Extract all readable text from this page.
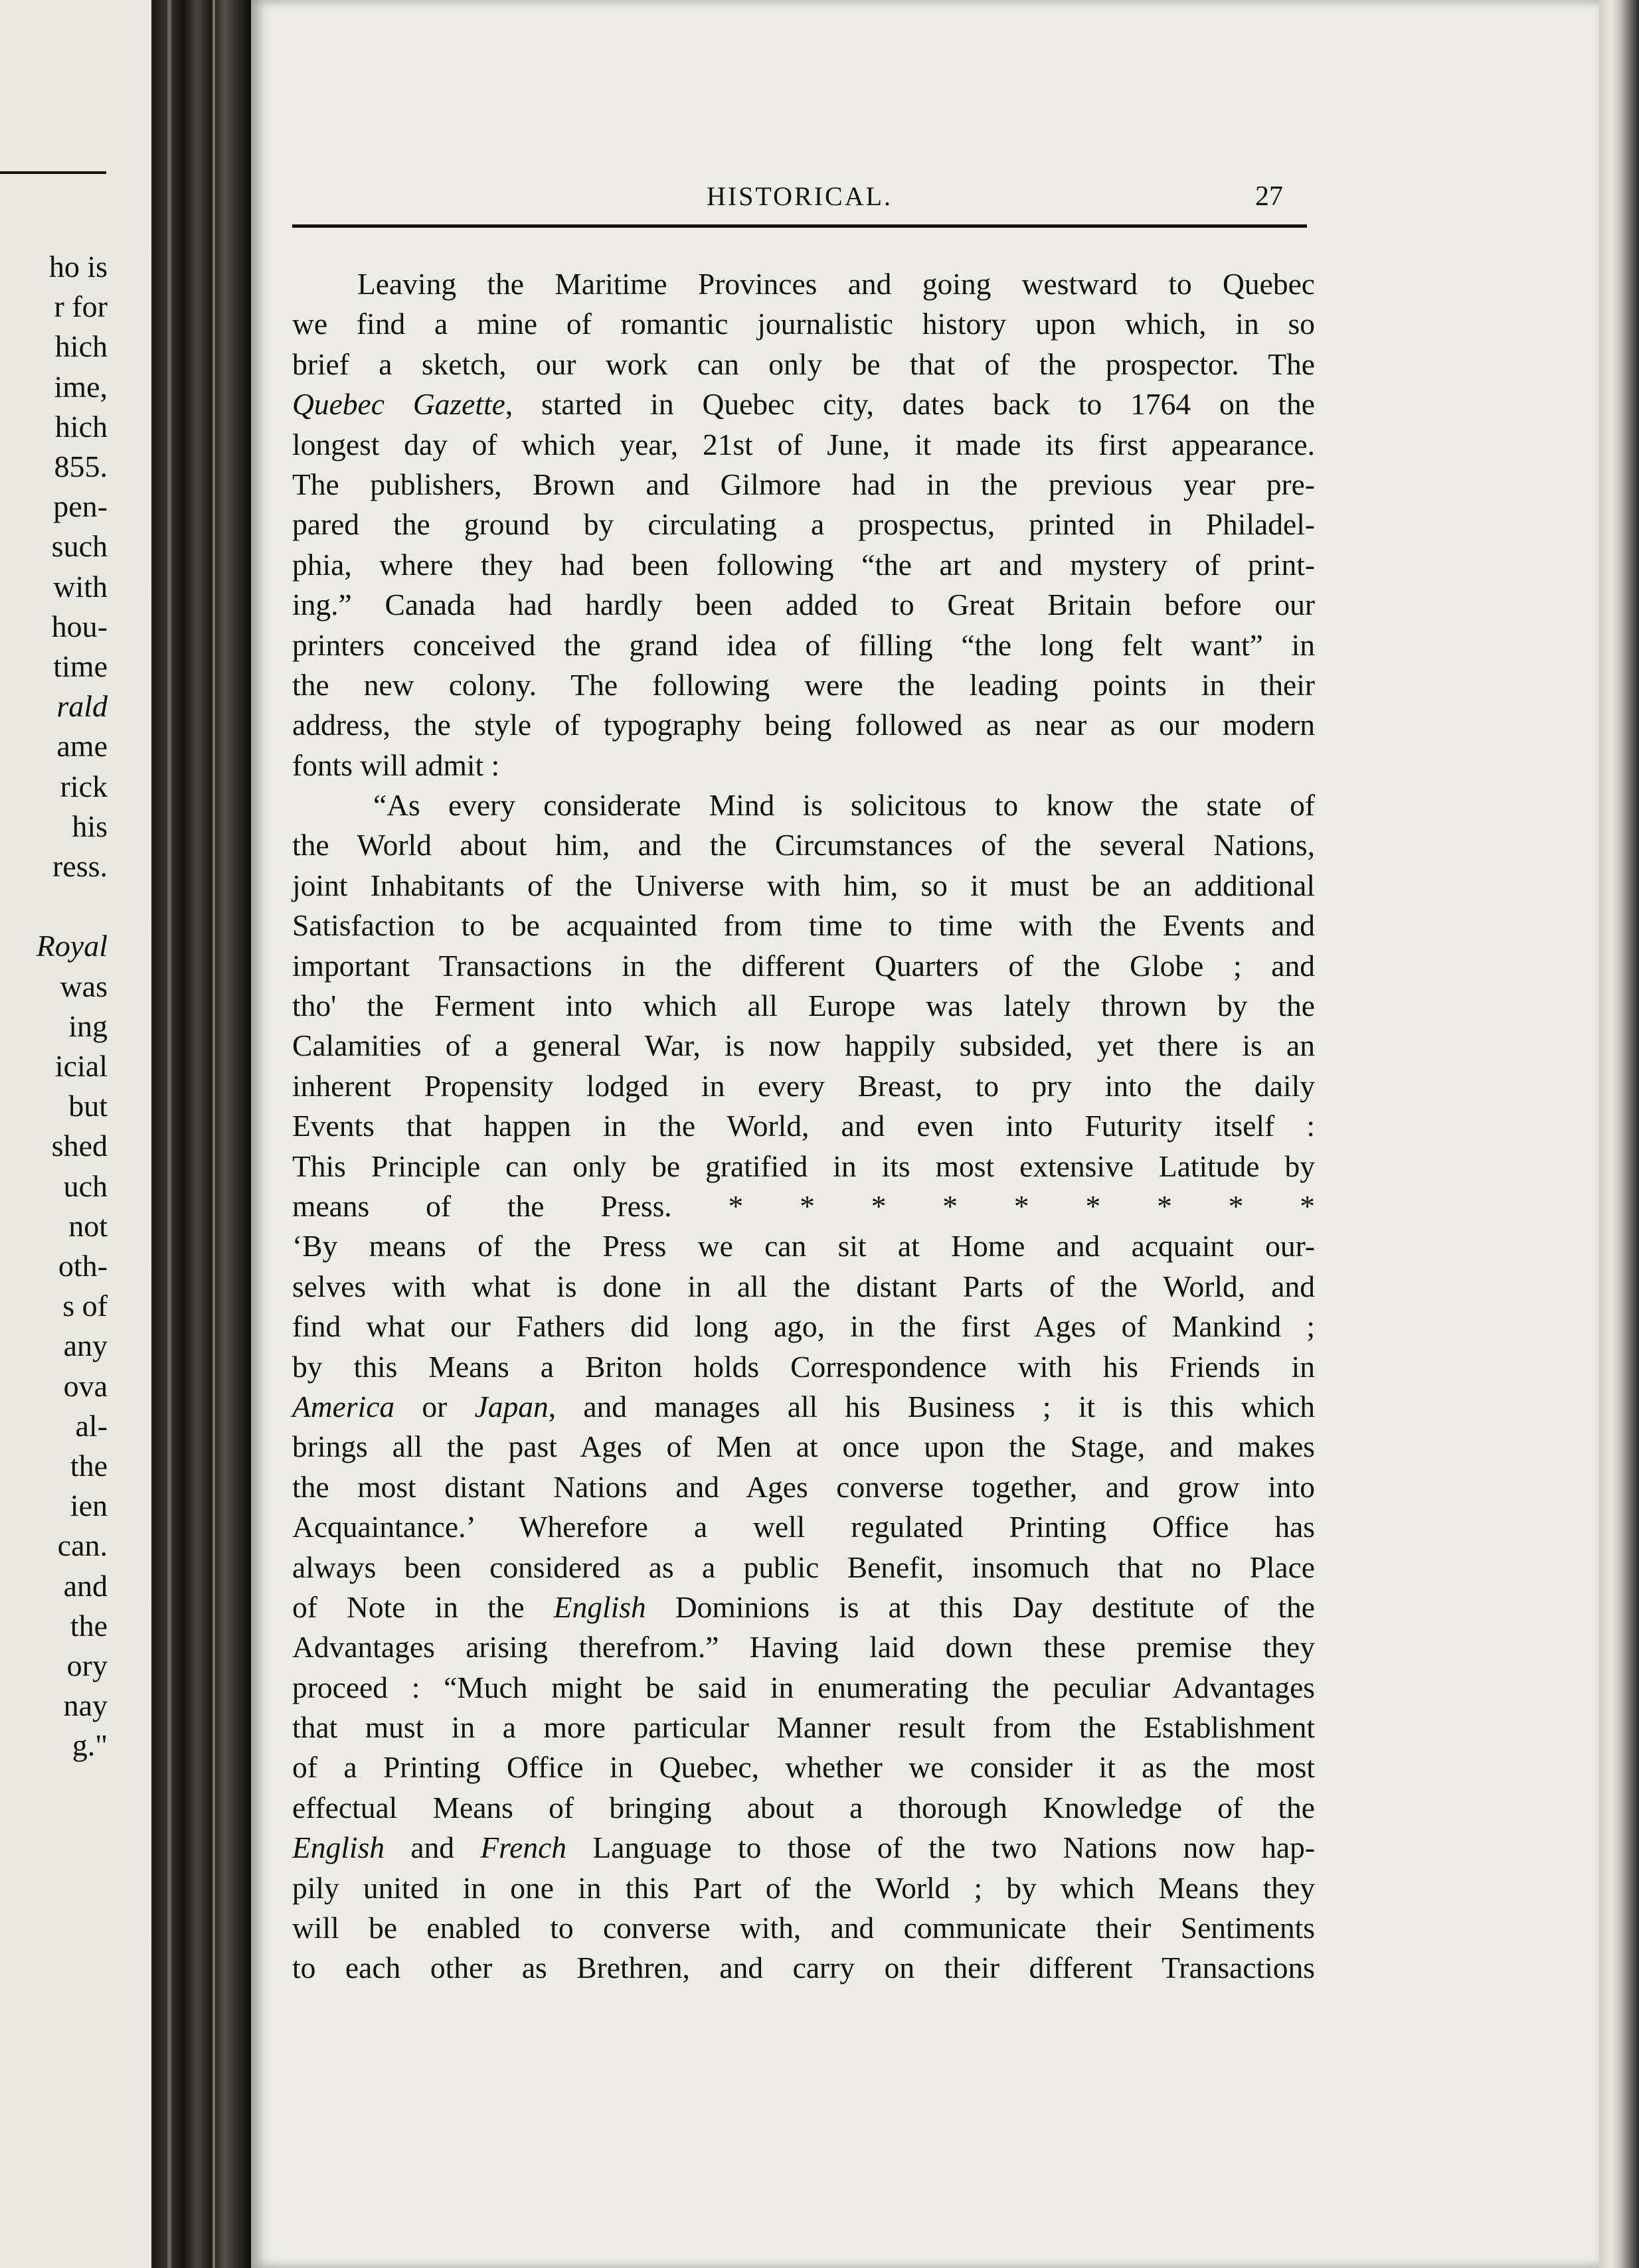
ho is
r for
hich
ime,
hich
855.
pen-
such
with
hou-
time
rald
ame
rick
his
ress.
Royal
was
ing
icial
but
shed
uch
not
oth-
s of
any
ova
al-
the
ien
can.
and
the
ory
nay
g."
HISTORICAL.	27
Leaving the Maritime Provinces and going westward to Quebec
we find a mine of romantic journalistic history upon which, in so
brief a sketch, our work can only be that of the prospector. The
Quebec Gazette, started in Quebec city, dates back to 1764 on the
longest day of which year, 21st of June, it made its first appearance.
The publishers, Brown and Gilmore had in the previous year pre-
pared the ground by circulating a prospectus, printed in Philadel-
phia, where they had been following “the art and mystery of print-
ing.” Canada had hardly been added to Great Britain before our
printers conceived the grand idea of filling “the long felt want” in
the new colony. The following were the leading points in their
address, the style of typography being followed as near as our modern
fonts will admit :
“As every considerate Mind is solicitous to know the state of
the World about him, and the Circumstances of the several Nations,
joint Inhabitants of the Universe with him, so it must be an additional
Satisfaction to be acquainted from time to time with the Events and
important Transactions in the different Quarters of the Globe ; and
tho' the Ferment into which all Europe was lately thrown by the
Calamities of a general War, is now happily subsided, yet there is an
inherent Propensity lodged in every Breast, to pry into the daily
Events that happen in the World, and even into Futurity itself :
This Principle can only be gratified in its most extensive Latitude by
means of the Press. * * * * * * * * *
‘By means of the Press we can sit at Home and acquaint our-
selves with what is done in all the distant Parts of the World, and
find what our Fathers did long ago, in the first Ages of Mankind ;
by this Means a Briton holds Correspondence with his Friends in
America or Japan, and manages all his Business ; it is this which
brings all the past Ages of Men at once upon the Stage, and makes
the most distant Nations and Ages converse together, and grow into
Acquaintance.’ Wherefore a well regulated Printing Office has
always been considered as a public Benefit, insomuch that no Place
of Note in the English Dominions is at this Day destitute of the
Advantages arising therefrom.” Having laid down these premise they
proceed : “Much might be said in enumerating the peculiar Advantages
that must in a more particular Manner result from the Establishment
of a Printing Office in Quebec, whether we consider it as the most
effectual Means of bringing about a thorough Knowledge of the
English and French Language to those of the two Nations now hap-
pily united in one in this Part of the World ; by which Means they
will be enabled to converse with, and communicate their Sentiments
to each other as Brethren, and carry on their different Transactions
